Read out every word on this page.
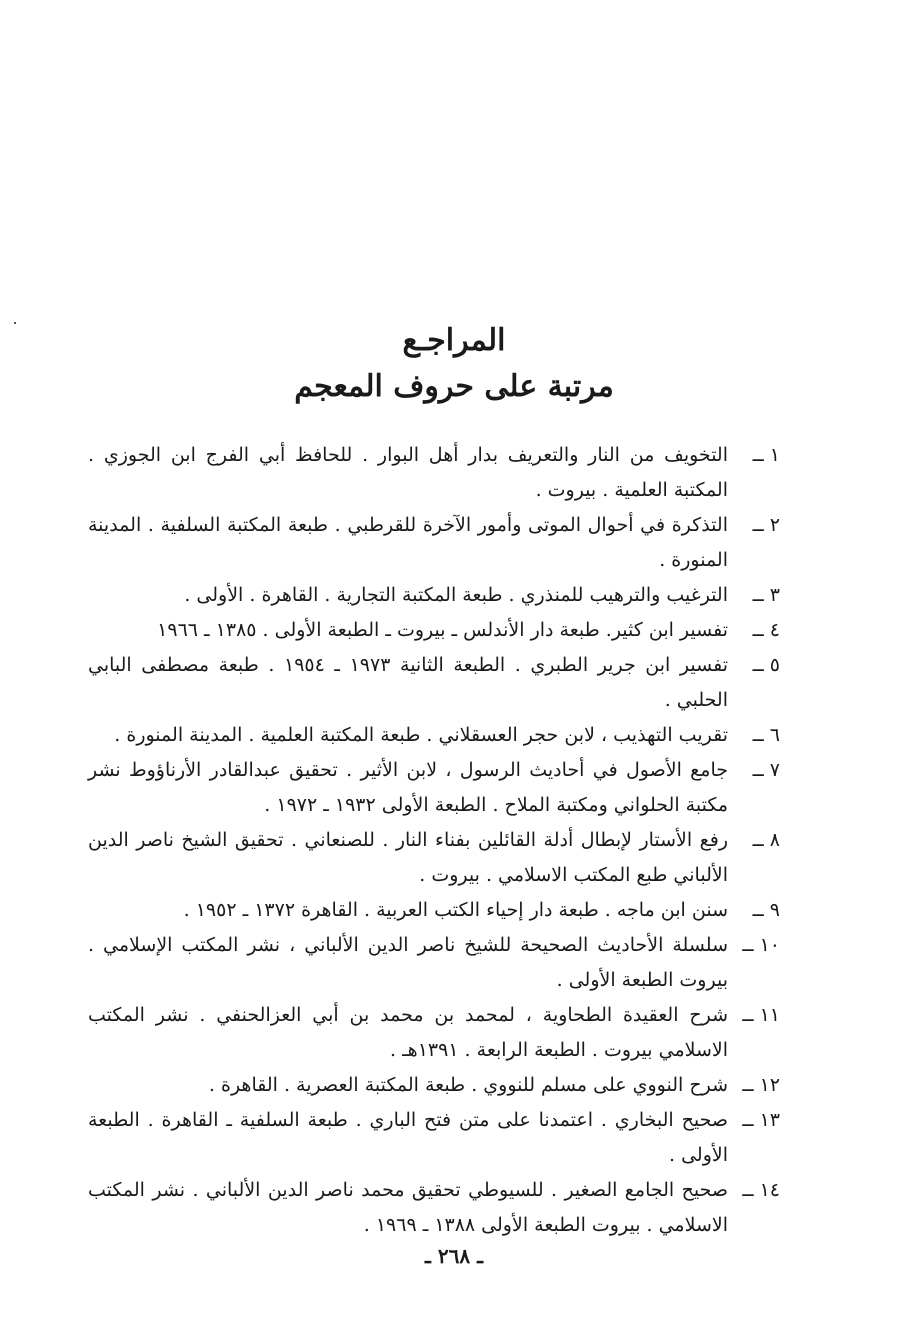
المراجـع
مرتبة على حروف المعجم
١ ــ
التخويف من النار والتعريف بدار أهل البوار . للحافظ أبي الفرج ابن الجوزي . المكتبة العلمية . بيروت .
٢ ــ
التذكرة في أحوال الموتى وأمور الآخرة للقرطبي . طبعة المكتبة السلفية . المدينة المنورة .
٣ ــ
الترغيب والترهيب للمنذري . طبعة المكتبة التجارية . القاهرة . الأولى .
٤ ــ
تفسير ابن كثير. طبعة دار الأندلس ـ بيروت ـ الطبعة الأولى . ١٣٨٥ ـ ١٩٦٦
٥ ــ
تفسير ابن جرير الطبري . الطبعة الثانية ١٩٧٣ ـ ١٩٥٤ . طبعة مصطفى البابي الحلبي .
٦ ــ
تقريب التهذيب ، لابن حجر العسقلاني . طبعة المكتبة العلمية . المدينة المنورة .
٧ ــ
جامع الأصول في أحاديث الرسول ، لابن الأثير . تحقيق عبدالقادر الأرناؤوط نشر مكتبة الحلواني ومكتبة الملاح . الطبعة الأولى ١٩٣٢ ـ ١٩٧٢ .
٨ ــ
رفع الأستار لإبطال أدلة القائلين بفناء النار . للصنعاني . تحقيق الشيخ ناصر الدين الألباني طبع المكتب الاسلامي . بيروت .
٩ ــ
سنن ابن ماجه . طبعة دار إحياء الكتب العربية . القاهرة ١٣٧٢ ـ ١٩٥٢ .
١٠ ــ
سلسلة الأحاديث الصحيحة للشيخ ناصر الدين الألباني ، نشر المكتب الإسلامي . بيروت الطبعة الأولى .
١١ ــ
شرح العقيدة الطحاوية ، لمحمد بن محمد بن أبي العزالحنفي . نشر المكتب الاسلامي بيروت . الطبعة الرابعة . ١٣٩١هـ .
١٢ ــ
شرح النووي على مسلم للنووي . طبعة المكتبة العصرية . القاهرة .
١٣ ــ
صحيح البخاري . اعتمدنا على متن فتح الباري . طبعة السلفية ـ القاهرة . الطبعة الأولى .
١٤ ــ
صحيح الجامع الصغير . للسيوطي تحقيق محمد ناصر الدين الألباني . نشر المكتب الاسلامي . بيروت الطبعة الأولى ١٣٨٨ ـ ١٩٦٩ .
ـ ٢٦٨ ـ
